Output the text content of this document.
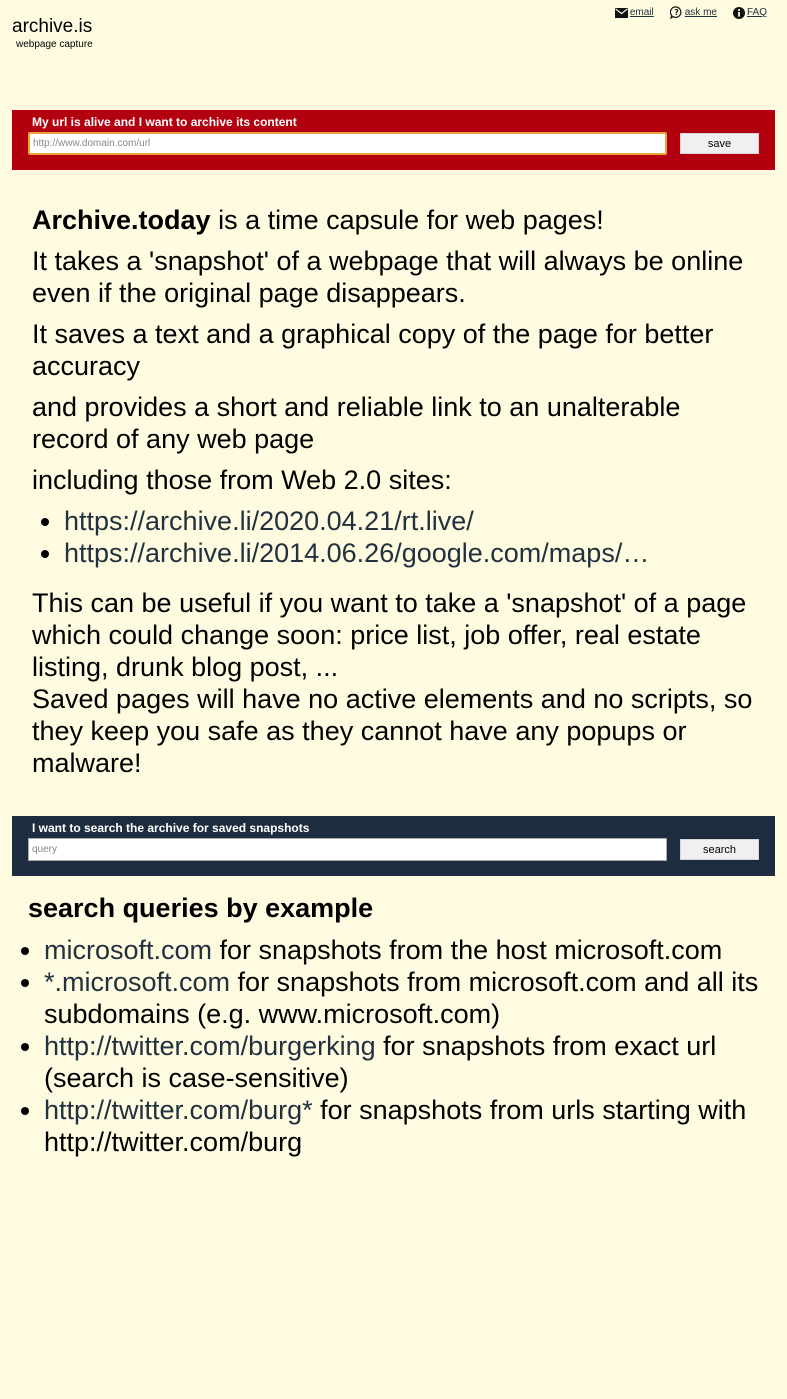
archive.is
webpage capture
email	? ask me	FAQ
My url is alive and I want to archive its content
http://www.domain.com/url
save

Archive.today is a time capsule for web pages!

It takes a 'snapshot' of a webpage that will always be online even if the original page disappears.

It saves a text and a graphical copy of the page for better accuracy

and provides a short and reliable link to an unalterable record of any web page

including those from Web 2.0 sites:

• https://archive.li/2020.04.21/rt.live/
• https://archive.li/2014.06.26/google.com/maps/…

This can be useful if you want to take a 'snapshot' of a page which could change soon: price list, job offer, real estate listing, drunk blog post, ...

Saved pages will have no active elements and no scripts, so they keep you safe as they cannot have any popups or malware!

I want to search the archive for saved snapshots
query
search
search queries by example
• microsoft.com for snapshots from the host microsoft.com
• *.microsoft.com for snapshots from microsoft.com and all its subdomains (e.g. www.microsoft.com)
• http://twitter.com/burgerking for snapshots from exact url (search is case-sensitive)
• http://twitter.com/burg* for snapshots from urls starting with http://twitter.com/burg
